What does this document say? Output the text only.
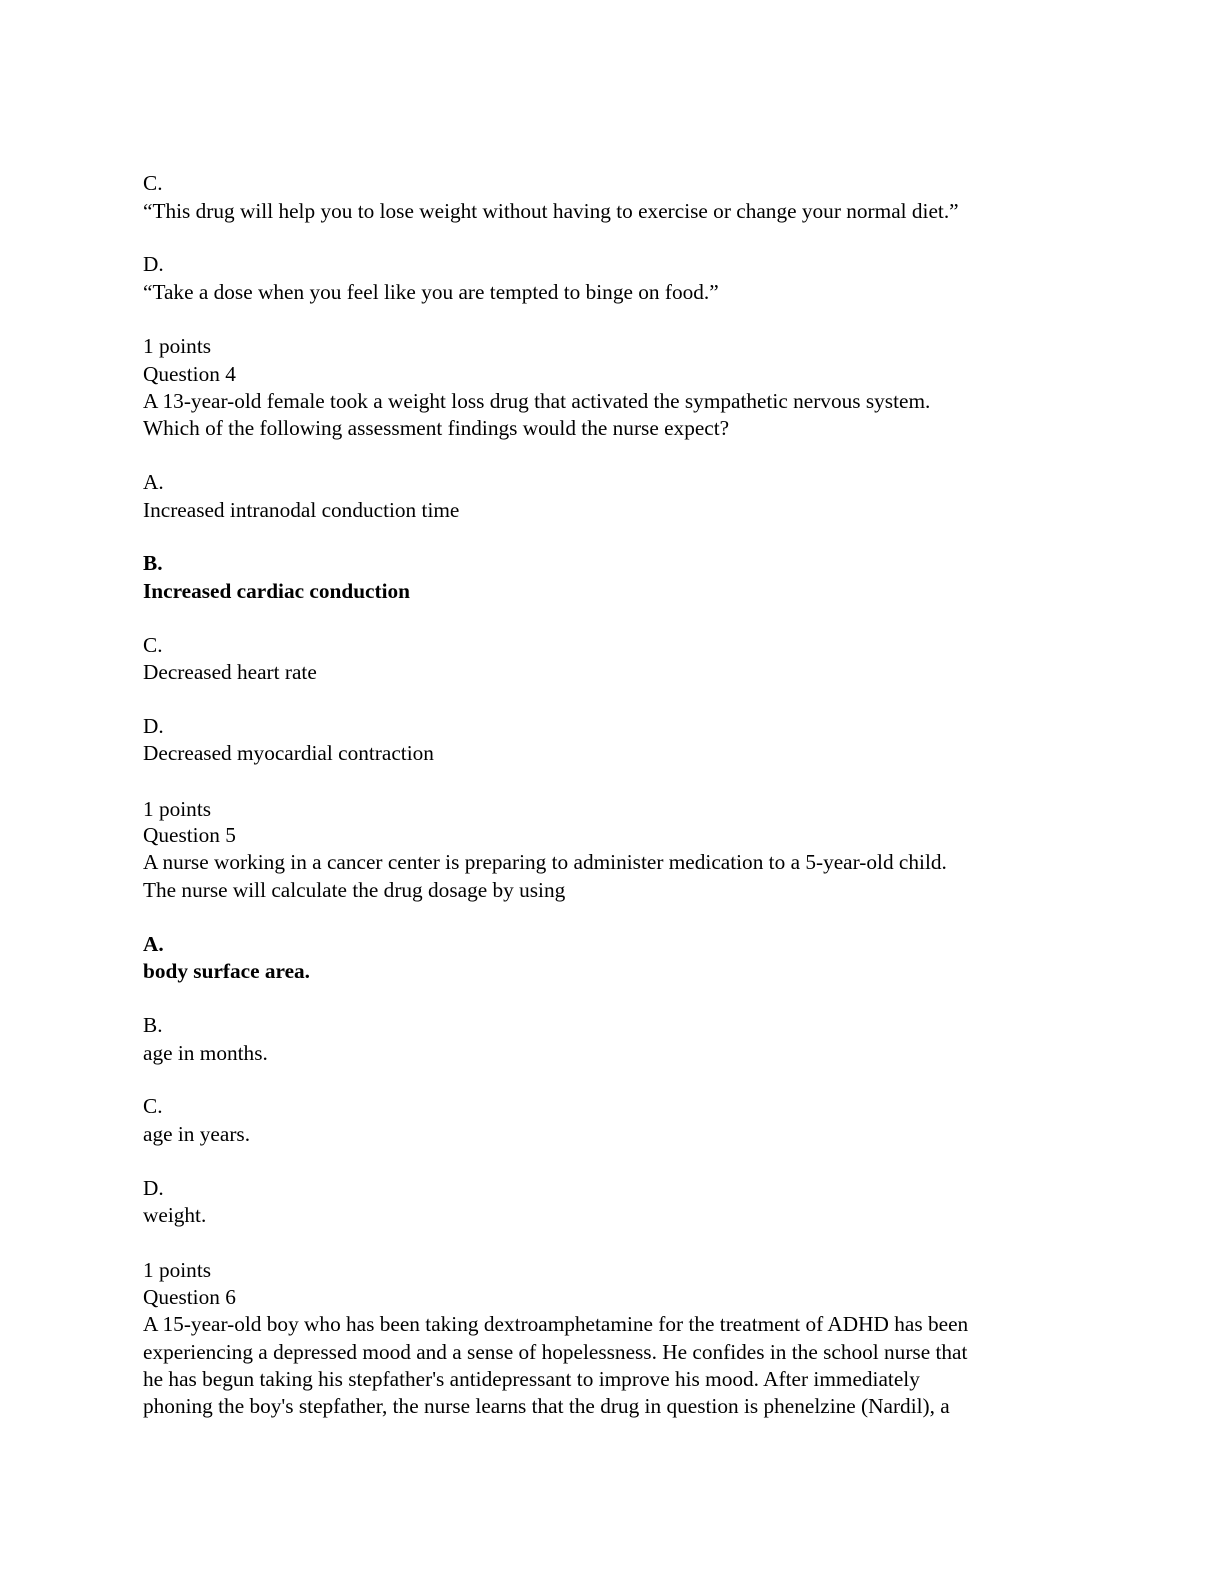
C.
“This drug will help you to lose weight without having to exercise or change your normal diet.”
D.
“Take a dose when you feel like you are tempted to binge on food.”
1 points
Question 4
A 13-year-old female took a weight loss drug that activated the sympathetic nervous system.
Which of the following assessment findings would the nurse expect?
A.
Increased intranodal conduction time
B.
Increased cardiac conduction
C.
Decreased heart rate
D.
Decreased myocardial contraction
1 points
Question 5
A nurse working in a cancer center is preparing to administer medication to a 5-year-old child.
The nurse will calculate the drug dosage by using
A.
body surface area.
B.
age in months.
C.
age in years.
D.
weight.
1 points
Question 6
A 15-year-old boy who has been taking dextroamphetamine for the treatment of ADHD has been
experiencing a depressed mood and a sense of hopelessness. He confides in the school nurse that
he has begun taking his stepfather's antidepressant to improve his mood. After immediately
phoning the boy's stepfather, the nurse learns that the drug in question is phenelzine (Nardil), a
